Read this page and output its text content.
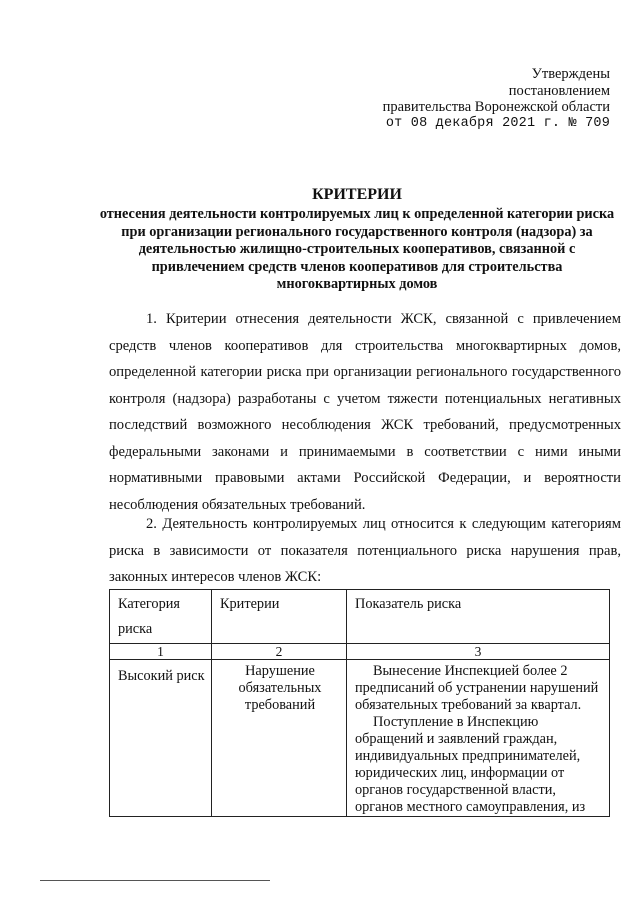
Утверждены
постановлением
правительства Воронежской области
от 08 декабря 2021 г. № 709
КРИТЕРИИ
отнесения деятельности контролируемых лиц к определенной категории риска при организации регионального государственного контроля (надзора) за деятельностью жилищно-строительных кооперативов, связанной с привлечением средств членов кооперативов для строительства многоквартирных домов

1. Критерии отнесения деятельности ЖСК, связанной с привлечением средств членов кооперативов для строительства многоквартирных домов, определенной категории риска при организации регионального государственного контроля (надзора) разработаны с учетом тяжести потенциальных негативных последствий возможного несоблюдения ЖСК требований, предусмотренных федеральными законами и принимаемыми в соответствии с ними иными нормативными правовыми актами Российской Федерации, и вероятности несоблюдения обязательных требований.

2. Деятельность контролируемых лиц относится к следующим категориям риска в зависимости от показателя потенциального риска нарушения прав, законных интересов членов ЖСК:

Категория риска	Критерии	Показатель риска
1	2	3

Высокий риск	Нарушение обязательных требований	Вынесение Инспекцией более 2 предписаний об устранении нарушений обязательных требований за квартал.

Поступление в Инспекцию обращений и заявлений граждан, индивидуальных предпринимателей, юридических лиц, информации от органов государственной власти, органов местного самоуправления, из
